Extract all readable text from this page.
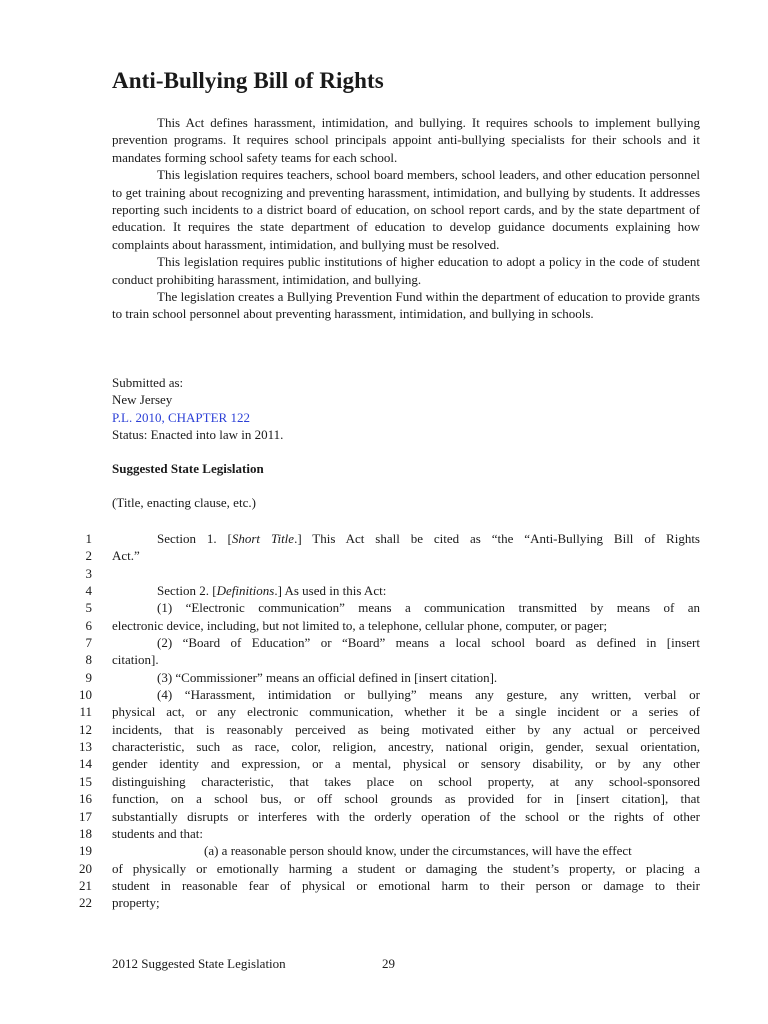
Anti-Bullying Bill of Rights

This Act defines harassment, intimidation, and bullying. It requires schools to implement bullying prevention programs. It requires school principals appoint anti-bullying specialists for their schools and it mandates forming school safety teams for each school.

This legislation requires teachers, school board members, school leaders, and other education personnel to get training about recognizing and preventing harassment, intimidation, and bullying by students. It addresses reporting such incidents to a district board of education, on school report cards, and by the state department of education. It requires the state department of education to develop guidance documents explaining how complaints about harassment, intimidation, and bullying must be resolved.

This legislation requires public institutions of higher education to adopt a policy in the code of student conduct prohibiting harassment, intimidation, and bullying.

The legislation creates a Bullying Prevention Fund within the department of education to provide grants to train school personnel about preventing harassment, intimidation, and bullying in schools.

Submitted as:
New Jersey
P.L. 2010, CHAPTER 122
Status: Enacted into law in 2011.
Suggested State Legislation
(Title, enacting clause, etc.)
1
2
3
4
5
6
7
8
9
10
11
12
13
14
15
16
17
18
19
20
21
22
Section 1. [Short Title.] This Act shall be cited as “the “Anti-Bullying Bill of Rights
Act.”
Section 2. [Definitions.] As used in this Act:
(1) “Electronic communication” means a communication transmitted by means of an
electronic device, including, but not limited to, a telephone, cellular phone, computer, or pager;
(2) “Board of Education” or “Board” means a local school board as defined in [insert
citation].
(3) “Commissioner” means an official defined in [insert citation].
(4) “Harassment, intimidation or bullying” means any gesture, any written, verbal or
physical act, or any electronic communication, whether it be a single incident or a series of
incidents, that is reasonably perceived as being motivated either by any actual or perceived
characteristic, such as race, color, religion, ancestry, national origin, gender, sexual orientation,
gender identity and expression, or a mental, physical or sensory disability, or by any other
distinguishing characteristic, that takes place on school property, at any school-sponsored
function, on a school bus, or off school grounds as provided for in [insert citation], that
substantially disrupts or interferes with the orderly operation of the school or the rights of other
students and that:
(a) a reasonable person should know, under the circumstances, will have the effect
of physically or emotionally harming a student or damaging the student’s property, or placing a
student in reasonable fear of physical or emotional harm to their person or damage to their
property;
2012 Suggested State Legislation	29
